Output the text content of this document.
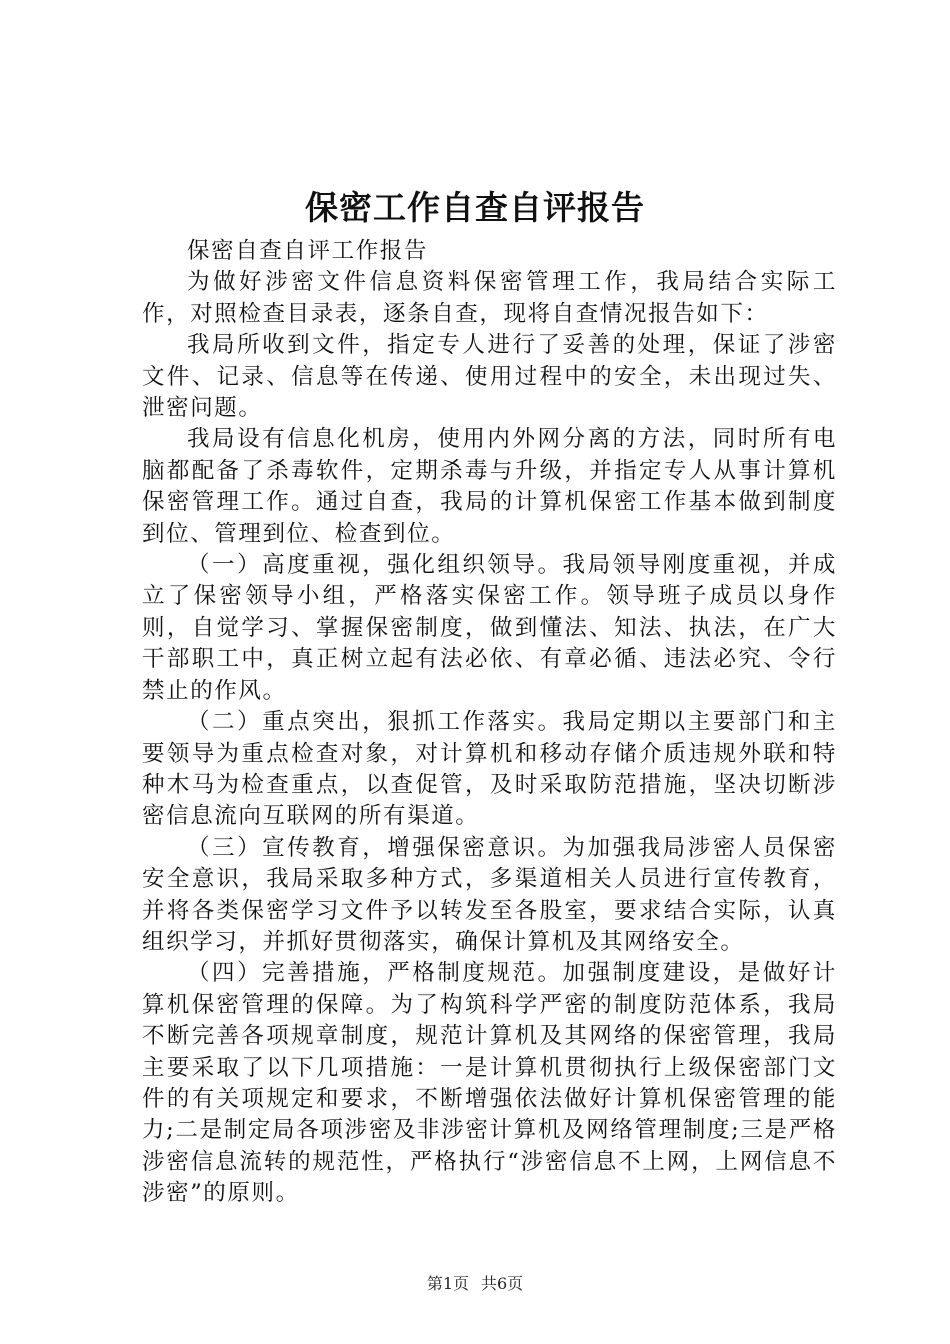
保密工作自查自评报告

保密自查自评工作报告

为做好涉密文件信息资料保密管理工作，我局结合实际工作，对照检查目录表，逐条自查，现将自查情况报告如下：

我局所收到文件，指定专人进行了妥善的处理，保证了涉密文件、记录、信息等在传递、使用过程中的安全，未出现过失、泄密问题。

我局设有信息化机房，使用内外网分离的方法，同时所有电脑都配备了杀毒软件，定期杀毒与升级，并指定专人从事计算机保密管理工作。通过自查，我局的计算机保密工作基本做到制度到位、管理到位、检查到位。

（一）高度重视，强化组织领导。我局领导刚度重视，并成立了保密领导小组，严格落实保密工作。领导班子成员以身作则，自觉学习、掌握保密制度，做到懂法、知法、执法，在广大干部职工中，真正树立起有法必依、有章必循、违法必究、令行禁止的作风。

（二）重点突出，狠抓工作落实。我局定期以主要部门和主要领导为重点检查对象，对计算机和移动存储介质违规外联和特种木马为检查重点，以查促管，及时采取防范措施，坚决切断涉密信息流向互联网的所有渠道。

（三）宣传教育，增强保密意识。为加强我局涉密人员保密安全意识，我局采取多种方式，多渠道相关人员进行宣传教育，并将各类保密学习文件予以转发至各股室，要求结合实际，认真组织学习，并抓好贯彻落实，确保计算机及其网络安全。

（四）完善措施，严格制度规范。加强制度建设，是做好计算机保密管理的保障。为了构筑科学严密的制度防范体系，我局不断完善各项规章制度，规范计算机及其网络的保密管理，我局主要采取了以下几项措施：一是计算机贯彻执行上级保密部门文件的有关项规定和要求，不断增强依法做好计算机保密管理的能力;二是制定局各项涉密及非涉密计算机及网络管理制度;三是严格涉密信息流转的规范性，严格执行“涉密信息不上网，上网信息不涉密”的原则。

第1页 共6页
